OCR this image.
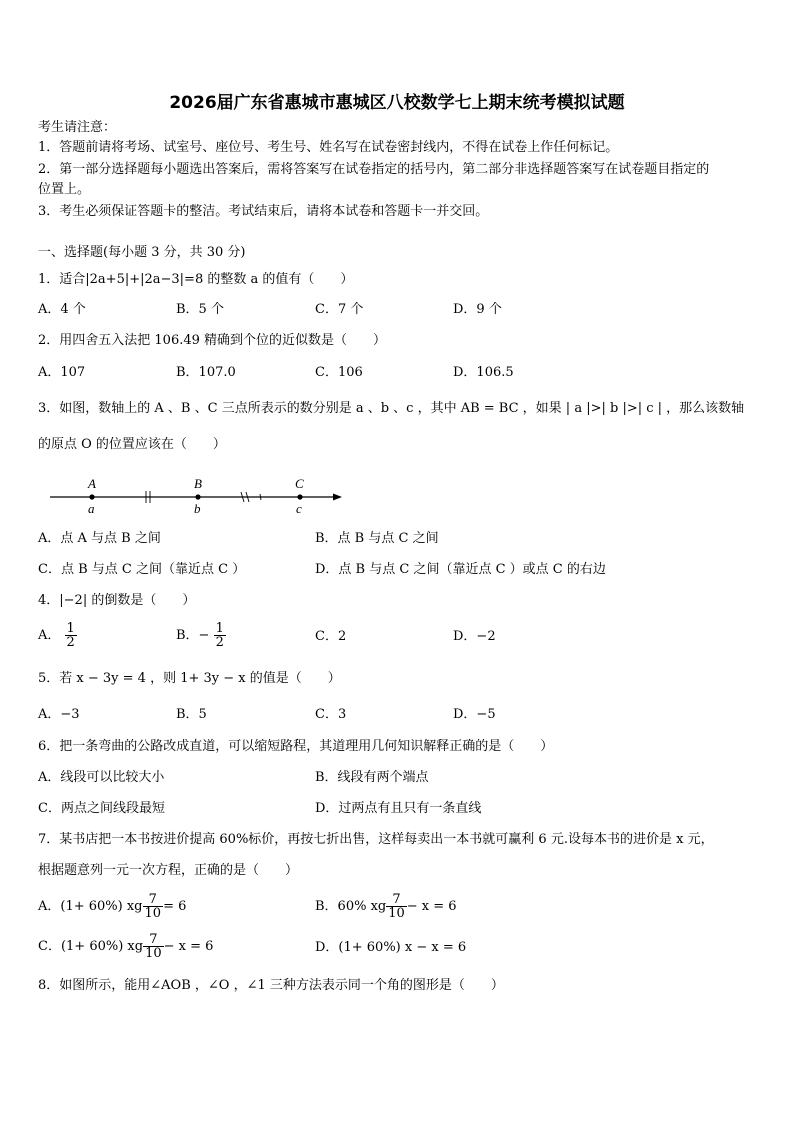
2026届广东省惠城市惠城区八校数学七上期末统考模拟试题
考生请注意：
1．答题前请将考场、试室号、座位号、考生号、姓名写在试卷密封线内，不得在试卷上作任何标记。
2．第一部分选择题每小题选出答案后，需将答案写在试卷指定的括号内，第二部分非选择题答案写在试卷题目指定的
位置上。
3．考生必须保证答题卡的整洁。考试结束后，请将本试卷和答题卡一并交回。
一、选择题(每小题 3 分，共 30 分)
1．适合|2a+5|+|2a−3|=8 的整数 a 的值有（　　）
A．4 个	B．5 个	C．7 个	D．9 个
2．用四舍五入法把 106.49 精确到个位的近似数是（　　）
A．107	B．107.0	C．106	D．106.5
3．如图，数轴上的 A 、B 、C 三点所表示的数分别是 a 、b 、c ，其中 AB = BC ，如果 | a |>| b |>| c | ，那么该数轴
的原点 O 的位置应该在（　　）
A	B	C
a	b	c
A．点 A 与点 B 之间	B．点 B 与点 C 之间
C．点 B 与点 C 之间（靠近点 C ）	D．点 B 与点 C 之间（靠近点 C ）或点 C 的右边
4．|−2| 的倒数是（　　）
A． $\frac{1}{2}$	B．− $\frac{1}{2}$	C．2	D．−2
5．若 x − 3y = 4 ，则 1+ 3y − x 的值是（　　）
A．−3	B．5	C．3	D．−5
6．把一条弯曲的公路改成直道，可以缩短路程，其道理用几何知识解释正确的是（　　）
A．线段可以比较大小	B．线段有两个端点
C．两点之间线段最短	D．过两点有且只有一条直线
7．某书店把一本书按进价提高 60%标价，再按七折出售，这样每卖出一本书就可赢利 6 元.设每本书的进价是 x 元，
根据题意列一元一次方程，正确的是（　　）
A．(1+ 60%) xg $\frac{7}{10} = 6$	B．60% xg $\frac{7}{10} - x = 6$
C．(1+ 60%) xg $\frac{7}{10} - x = 6$	D．(1+ 60%) x − x = 6
8．如图所示，能用∠AOB ，∠O ，∠1 三种方法表示同一个角的图形是（　　）
